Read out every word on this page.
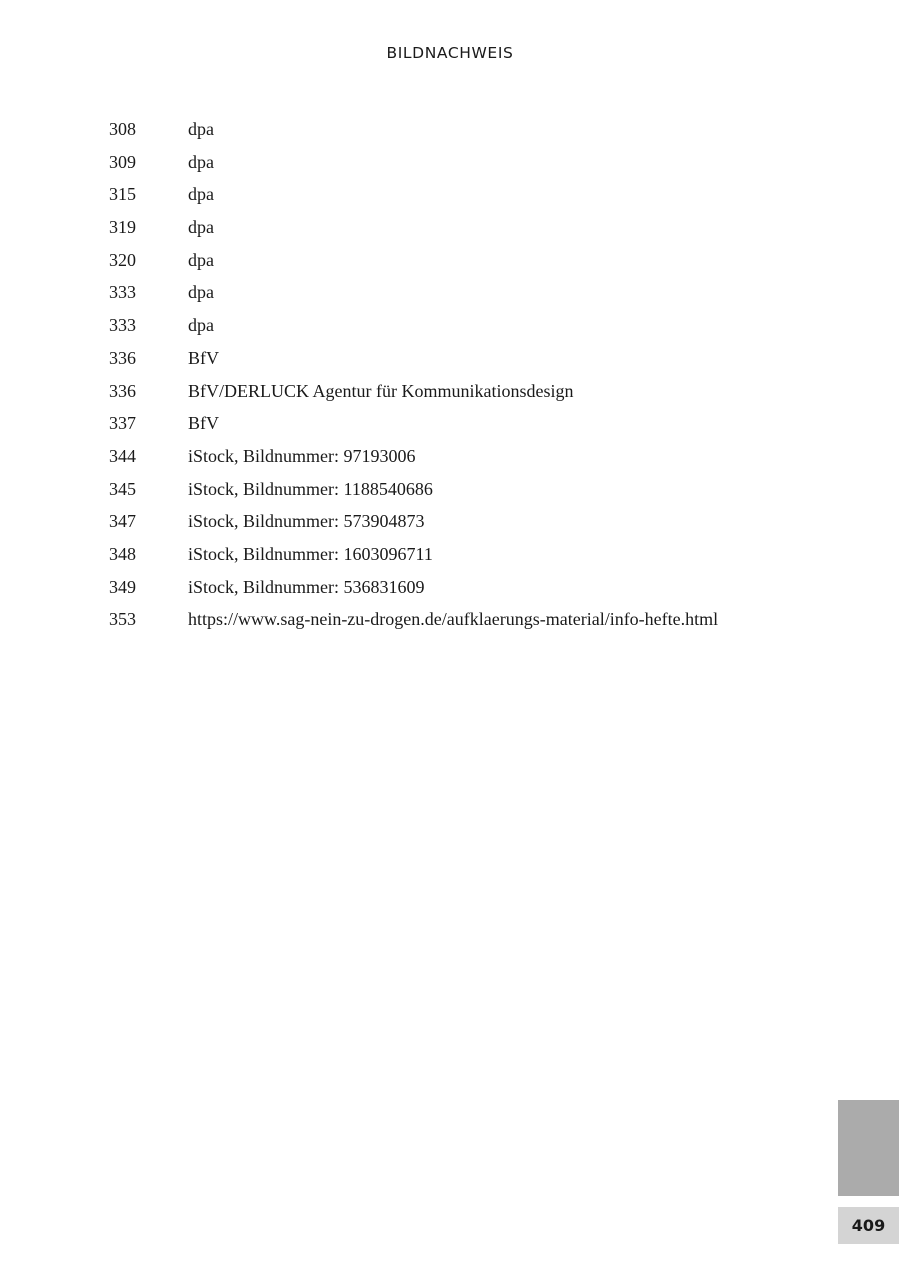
BILDNACHWEIS
308	dpa
309	dpa
315	dpa
319	dpa
320	dpa
333	dpa
333	dpa
336	BfV
336	BfV/DERLUCK Agentur für Kommunikationsdesign
337	BfV
344	iStock, Bildnummer: 97193006
345	iStock, Bildnummer: 1188540686
347	iStock, Bildnummer: 573904873
348	iStock, Bildnummer: 1603096711
349	iStock, Bildnummer: 536831609
353	https://www.sag-nein-zu-drogen.de/aufklaerungs-material/info-hefte.html
409
